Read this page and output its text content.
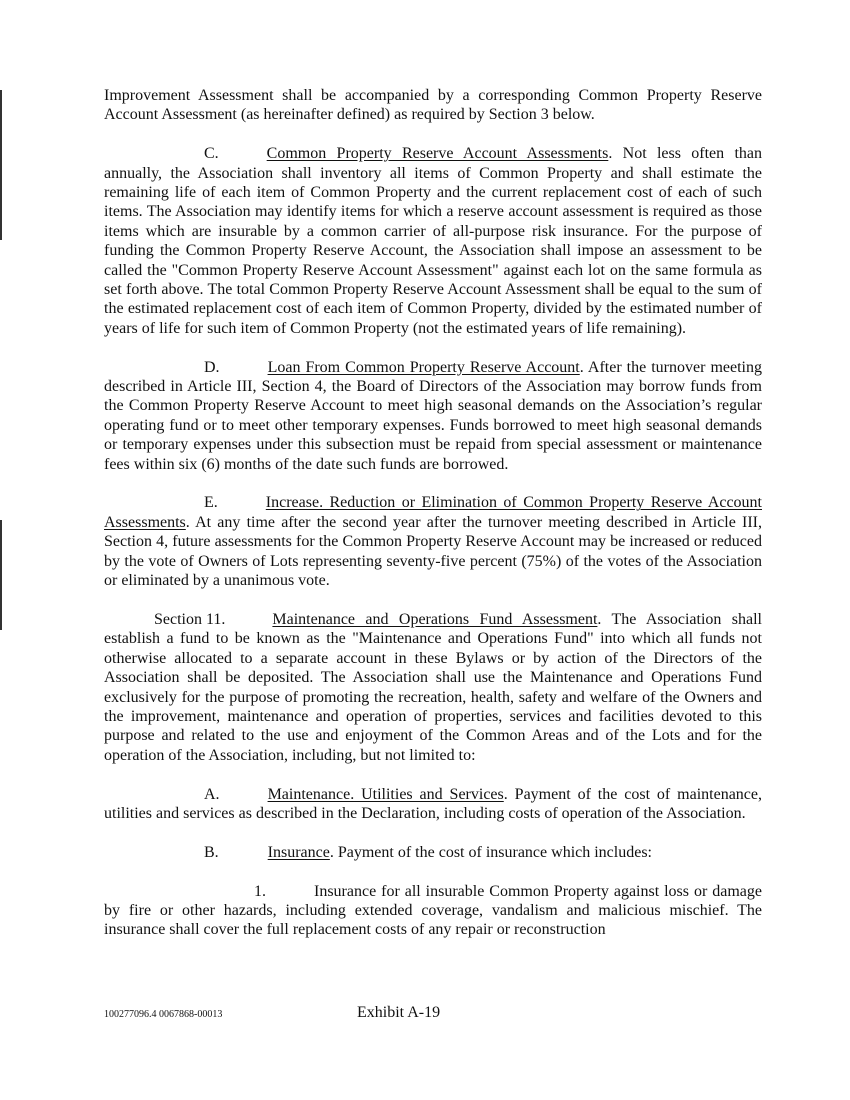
Improvement Assessment shall be accompanied by a corresponding Common Property Reserve Account Assessment (as hereinafter defined) as required by Section 3 below.

C.	Common Property Reserve Account Assessments. Not less often than annually, the Association shall inventory all items of Common Property and shall estimate the remaining life of each item of Common Property and the current replacement cost of each of such items. The Association may identify items for which a reserve account assessment is required as those items which are insurable by a common carrier of all-purpose risk insurance. For the purpose of funding the Common Property Reserve Account, the Association shall impose an assessment to be called the "Common Property Reserve Account Assessment" against each lot on the same formula as set forth above. The total Common Property Reserve Account Assessment shall be equal to the sum of the estimated replacement cost of each item of Common Property, divided by the estimated number of years of life for such item of Common Property (not the estimated years of life remaining).

D.	Loan From Common Property Reserve Account. After the turnover meeting described in Article III, Section 4, the Board of Directors of the Association may borrow funds from the Common Property Reserve Account to meet high seasonal demands on the Association’s regular operating fund or to meet other temporary expenses. Funds borrowed to meet high seasonal demands or temporary expenses under this subsection must be repaid from special assessment or maintenance fees within six (6) months of the date such funds are borrowed.

E.	Increase. Reduction or Elimination of Common Property Reserve Account Assessments. At any time after the second year after the turnover meeting described in Article III, Section 4, future assessments for the Common Property Reserve Account may be increased or reduced by the vote of Owners of Lots representing seventy-five percent (75%) of the votes of the Association or eliminated by a unanimous vote.

Section 11.	Maintenance and Operations Fund Assessment. The Association shall establish a fund to be known as the "Maintenance and Operations Fund" into which all funds not otherwise allocated to a separate account in these Bylaws or by action of the Directors of the Association shall be deposited. The Association shall use the Maintenance and Operations Fund exclusively for the purpose of promoting the recreation, health, safety and welfare of the Owners and the improvement, maintenance and operation of properties, services and facilities devoted to this purpose and related to the use and enjoyment of the Common Areas and of the Lots and for the operation of the Association, including, but not limited to:

A.	Maintenance. Utilities and Services. Payment of the cost of maintenance, utilities and services as described in the Declaration, including costs of operation of the Association.

B.	Insurance. Payment of the cost of insurance which includes:

1.	Insurance for all insurable Common Property against loss or damage by fire or other hazards, including extended coverage, vandalism and malicious mischief. The insurance shall cover the full replacement costs of any repair or reconstruction

100277096.4 0067868-00013	Exhibit A-19
